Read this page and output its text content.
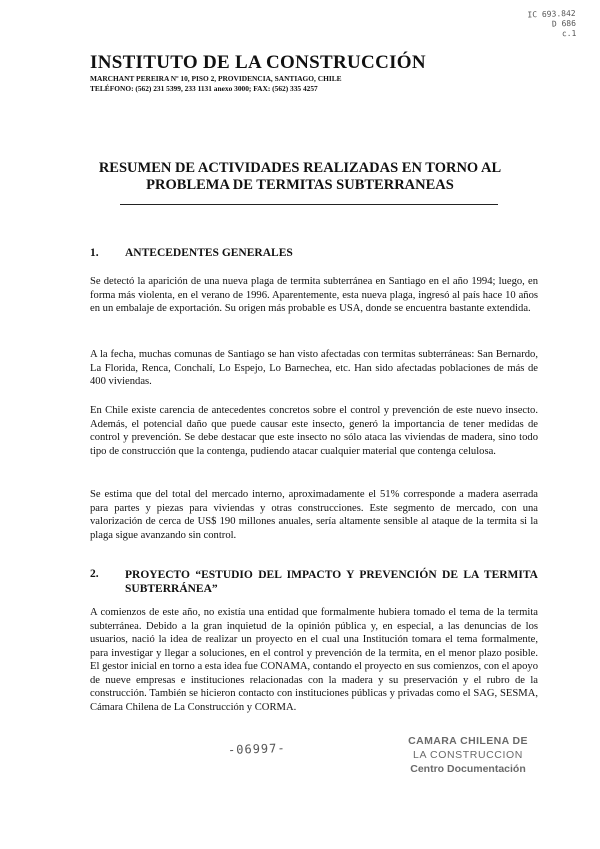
IC 693.842
D 686
c.1
INSTITUTO DE LA CONSTRUCCIÓN
MARCHANT PEREIRA Nº 10, PISO 2, PROVIDENCIA, SANTIAGO, CHILE
TELÉFONO: (562) 231 5399, 233 1131 anexo 3000; FAX: (562) 335 4257
RESUMEN DE ACTIVIDADES REALIZADAS EN TORNO AL PROBLEMA DE TERMITAS SUBTERRANEAS
1. ANTECEDENTES GENERALES
Se detectó la aparición de una nueva plaga de termita subterránea en Santiago en el año 1994; luego, en forma más violenta, en el verano de 1996. Aparentemente, esta nueva plaga, ingresó al país hace 10 años en un embalaje de exportación. Su origen más probable es USA, donde se encuentra bastante extendida.
A la fecha, muchas comunas de Santiago se han visto afectadas con termitas subterráneas: San Bernardo, La Florida, Renca, Conchalí, Lo Espejo, Lo Barnechea, etc. Han sido afectadas poblaciones de más de 400 viviendas.
En Chile existe carencia de antecedentes concretos sobre el control y prevención de este nuevo insecto. Además, el potencial daño que puede causar este insecto, generó la importancia de tener medidas de control y prevención. Se debe destacar que este insecto no sólo ataca las viviendas de madera, sino todo tipo de construcción que la contenga, pudiendo atacar cualquier material que contenga celulosa.
Se estima que del total del mercado interno, aproximadamente el 51% corresponde a madera aserrada para partes y piezas para viviendas y otras construcciones. Este segmento de mercado, con una valorización de cerca de US$ 190 millones anuales, sería altamente sensible al ataque de la termita si la plaga sigue avanzando sin control.
2. PROYECTO “ESTUDIO DEL IMPACTO Y PREVENCIÓN DE LA TERMITA SUBTERRÁNEA”
A comienzos de este año, no existía una entidad que formalmente hubiera tomado el tema de la termita subterránea. Debido a la gran inquietud de la opinión pública y, en especial, a las denuncias de los usuarios, nació la idea de realizar un proyecto en el cual una Institución tomara el tema formalmente, para investigar y llegar a soluciones, en el control y prevención de la termita, en el menor plazo posible. El gestor inicial en torno a esta idea fue CONAMA, contando el proyecto en sus comienzos, con el apoyo de nueve empresas e instituciones relacionadas con la madera y su preservación y el rubro de la construcción. También se hicieron contacto con instituciones públicas y privadas como el SAG, SESMA, Cámara Chilena de La Construcción y CORMA.
-06997-	CAMARA CHILENA DE
LA CONSTRUCCION
Centro Documentación
